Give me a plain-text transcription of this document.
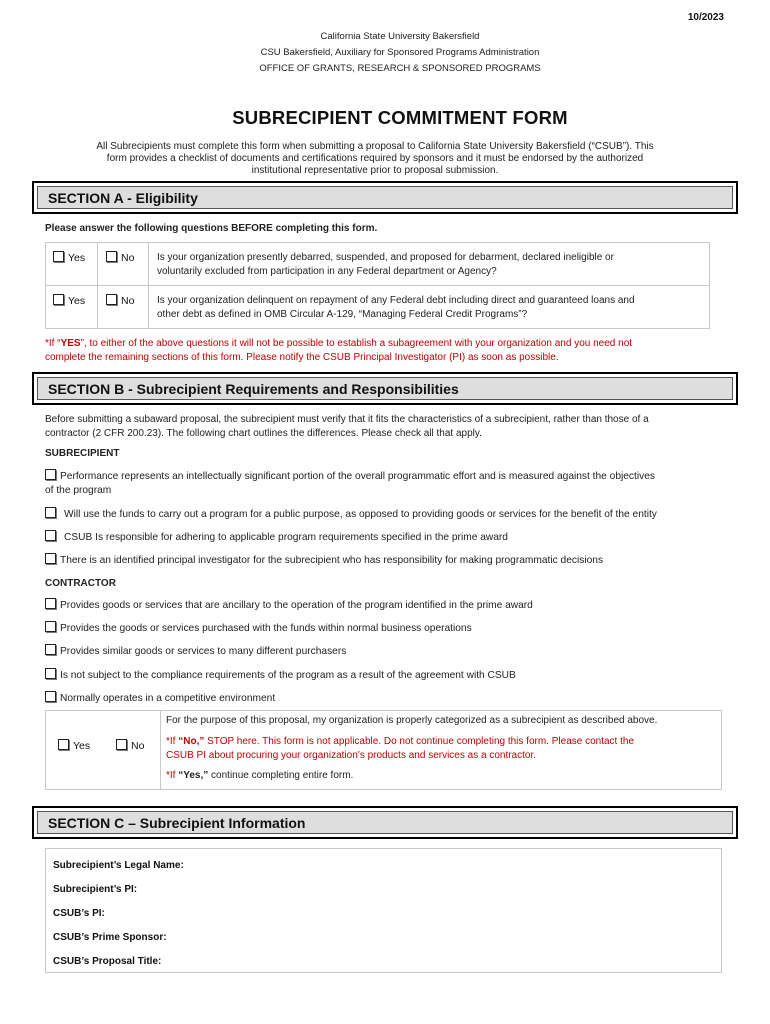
10/2023
California State University Bakersfield
CSU Bakersfield, Auxiliary for Sponsored Programs Administration
OFFICE OF GRANTS, RESEARCH & SPONSORED PROGRAMS
SUBRECIPIENT COMMITMENT FORM
All Subrecipients must complete this form when submitting a proposal to California State University Bakersfield (“CSUB”). This
form provides a checklist of documents and certifications required by sponsors and it must be endorsed by the authorized
institutional representative prior to proposal submission.
SECTION A - Eligibility
Please answer the following questions BEFORE completing this form.
Yes	No Is your organization presently debarred, suspended, and proposed for debarment, declared ineligible or
voluntarily excluded from participation in any Federal department or Agency?
Yes	No Is your organization delinquent on repayment of any Federal debt including direct and guaranteed loans and
other debt as defined in OMB Circular A-129, “Managing Federal Credit Programs”?
*If “YES”, to either of the above questions it will not be possible to establish a subagreement with your organization and you need not
complete the remaining sections of this form. Please notify the CSUB Principal Investigator (PI) as soon as possible.
SECTION B - Subrecipient Requirements and Responsibilities
Before submitting a subaward proposal, the subrecipient must verify that it fits the characteristics of a subrecipient, rather than those of a
contractor (2 CFR 200.23). The following chart outlines the differences. Please check all that apply.
SUBRECIPIENT
Performance represents an intellectually significant portion of the overall programmatic effort and is measured against the objectives
of the program
Will use the funds to carry out a program for a public purpose, as opposed to providing goods or services for the benefit of the entity
CSUB Is responsible for adhering to applicable program requirements specified in the prime award
There is an identified principal investigator for the subrecipient who has responsibility for making programmatic decisions
CONTRACTOR
Provides goods or services that are ancillary to the operation of the program identified in the prime award
Provides the goods or services purchased with the funds within normal business operations
Provides similar goods or services to many different purchasers
Is not subject to the compliance requirements of the program as a result of the agreement with CSUB
Normally operates in a competitive environment
Yes	No
For the purpose of this proposal, my organization is properly categorized as a subrecipient as described above.
*If “No,” STOP here. This form is not applicable. Do not continue completing this form. Please contact the
CSUB PI about procuring your organization’s products and services as a contractor.
*If “Yes,” continue completing entire form.
SECTION C – Subrecipient Information
Subrecipient’s Legal Name:
Subrecipient’s PI:
CSUB’s PI:
CSUB’s Prime Sponsor:
CSUB’s Proposal Title:
